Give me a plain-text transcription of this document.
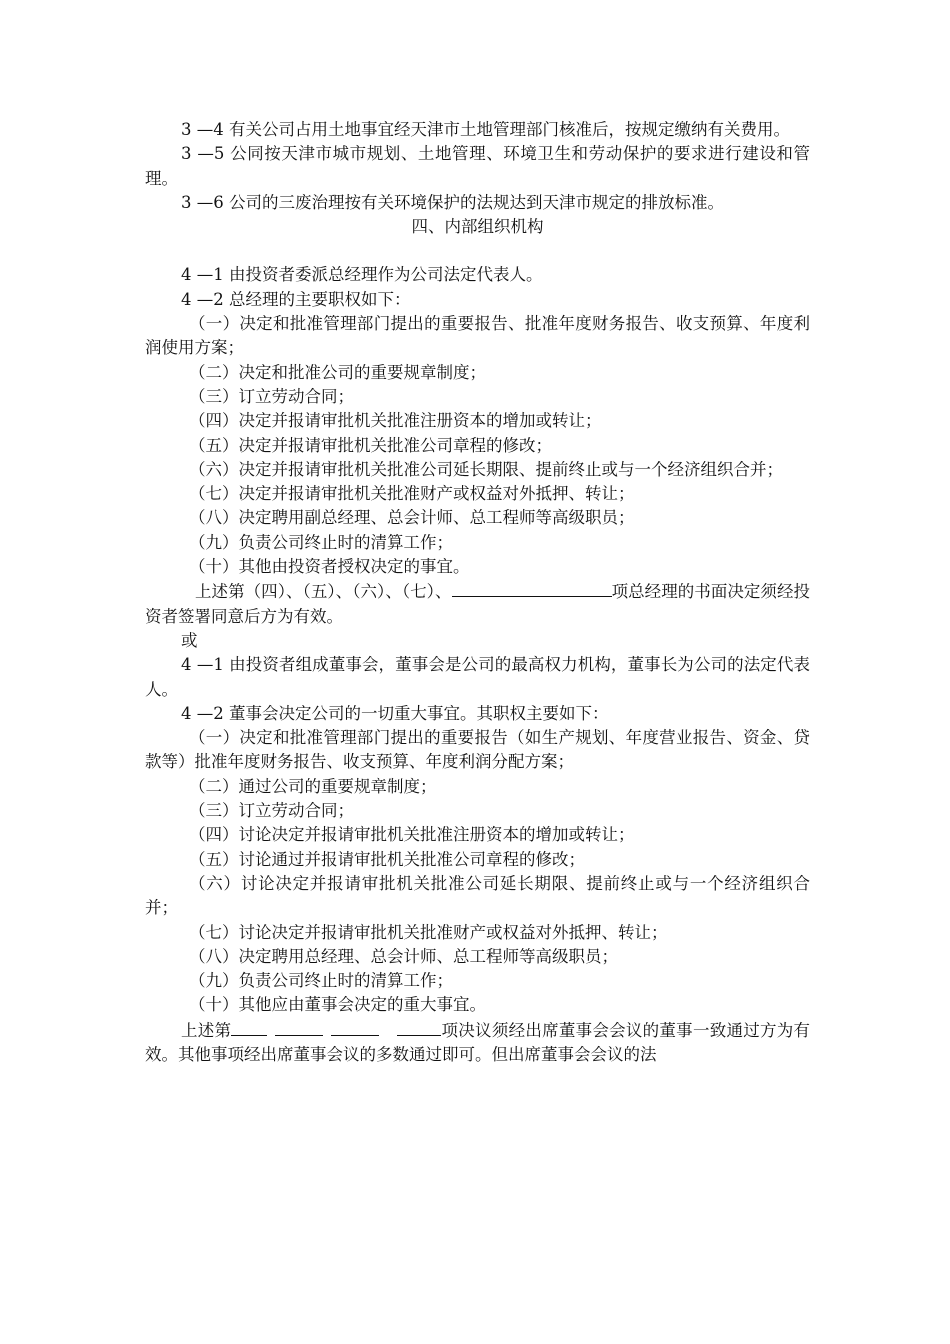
3 —4 有关公司占用土地事宜经天津市土地管理部门核准后，按规定缴纳有关费用。

3 —5 公同按天津市城市规划、土地管理、环境卫生和劳动保护的要求进行建设和管理。

3 —6 公司的三废治理按有关环境保护的法规达到天津市规定的排放标准。

四、内部组织机构

4 —1 由投资者委派总经理作为公司法定代表人。

4 —2 总经理的主要职权如下：

（一）决定和批准管理部门提出的重要报告、批准年度财务报告、收支预算、年度利润使用方案；

（二）决定和批准公司的重要规章制度；

（三）订立劳动合同；

（四）决定并报请审批机关批准注册资本的增加或转让；

（五）决定并报请审批机关批准公司章程的修改；

（六）决定并报请审批机关批准公司延长期限、提前终止或与一个经济组织合并；

（七）决定并报请审批机关批准财产或权益对外抵押、转让；

（八）决定聘用副总经理、总会计师、总工程师等高级职员；

（九）负责公司终止时的清算工作；

（十）其他由投资者授权决定的事宜。

上述第（四）、（五）、（六）、（七）、	项总经理的书面决定须经投资者签署同意后方为有效。

或

4 —1 由投资者组成董事会，董事会是公司的最高权力机构，董事长为公司的法定代表人。

4 —2 董事会决定公司的一切重大事宜。其职权主要如下：

（一）决定和批准管理部门提出的重要报告（如生产规划、年度营业报告、资金、贷款等）批准年度财务报告、收支预算、年度利润分配方案；

（二）通过公司的重要规章制度；

（三）订立劳动合同；

（四）讨论决定并报请审批机关批准注册资本的增加或转让；

（五）讨论通过并报请审批机关批准公司章程的修改；

（六）讨论决定并报请审批机关批准公司延长期限、提前终止或与一个经济组织合并；

（七）讨论决定并报请审批机关批准财产或权益对外抵押、转让；

（八）决定聘用总经理、总会计师、总工程师等高级职员；

（九）负责公司终止时的清算工作；

（十）其他应由董事会决定的重大事宜。

上述第	项决议须经出席董事会会议的董事一致通过方为有效。其他事项经出席董事会议的多数通过即可。但出席董事会会议的法
